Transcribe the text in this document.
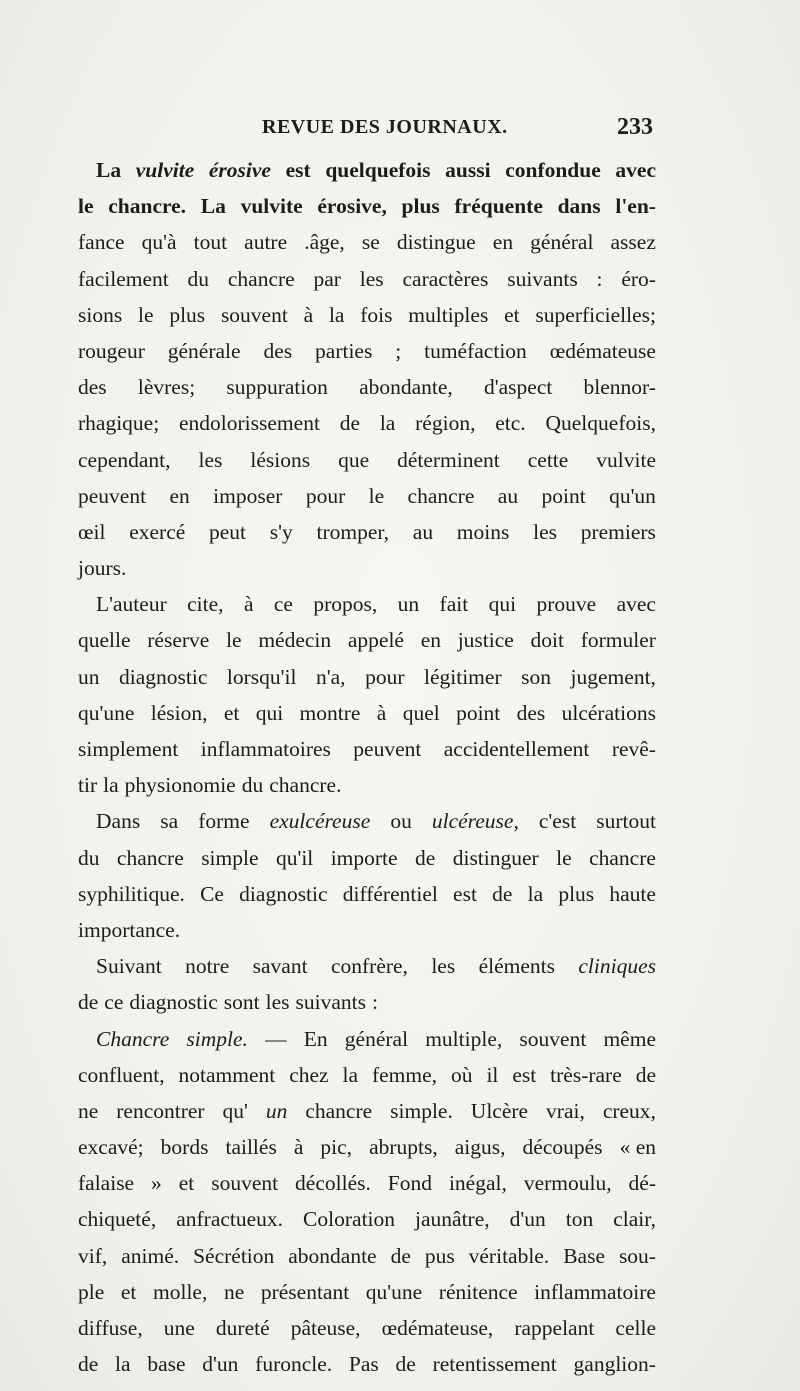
REVUE DES JOURNAUX.	233
La vulvite érosive est quelquefois aussi confondue avec
le chancre. La vulvite érosive, plus fréquente dans l'en-
fance qu'à tout autre .âge, se distingue en général assez
facilement du chancre par les caractères suivants : éro-
sions le plus souvent à la fois multiples et superficielles;
rougeur générale des parties ; tuméfaction œdémateuse
des lèvres; suppuration abondante, d'aspect blennor-
rhagique; endolorissement de la région, etc. Quelquefois,
cependant, les lésions que déterminent cette vulvite
peuvent en imposer pour le chancre au point qu'un
œil exercé peut s'y tromper, au moins les premiers
jours.
L'auteur cite, à ce propos, un fait qui prouve avec
quelle réserve le médecin appelé en justice doit formuler
un diagnostic lorsqu'il n'a, pour légitimer son jugement,
qu'une lésion, et qui montre à quel point des ulcérations
simplement inflammatoires peuvent accidentellement revê-
tir la physionomie du chancre.
Dans sa forme exulcéreuse ou ulcéreuse, c'est surtout
du chancre simple qu'il importe de distinguer le chancre
syphilitique. Ce diagnostic différentiel est de la plus haute
importance.
Suivant notre savant confrère, les éléments cliniques
de ce diagnostic sont les suivants :
Chancre simple. — En général multiple, souvent même
confluent, notamment chez la femme, où il est très-rare de
ne rencontrer qu' un chancre simple. Ulcère vrai, creux,
excavé; bords taillés à pic, abrupts, aigus, découpés « en
falaise » et souvent décollés. Fond inégal, vermoulu, dé-
chiqueté, anfractueux. Coloration jaunâtre, d'un ton clair,
vif, animé. Sécrétion abondante de pus véritable. Base sou-
ple et molle, ne présentant qu'une rénitence inflammatoire
diffuse, une dureté pâteuse, œdémateuse, rappelant celle
de la base d'un furoncle. Pas de retentissement ganglion-
